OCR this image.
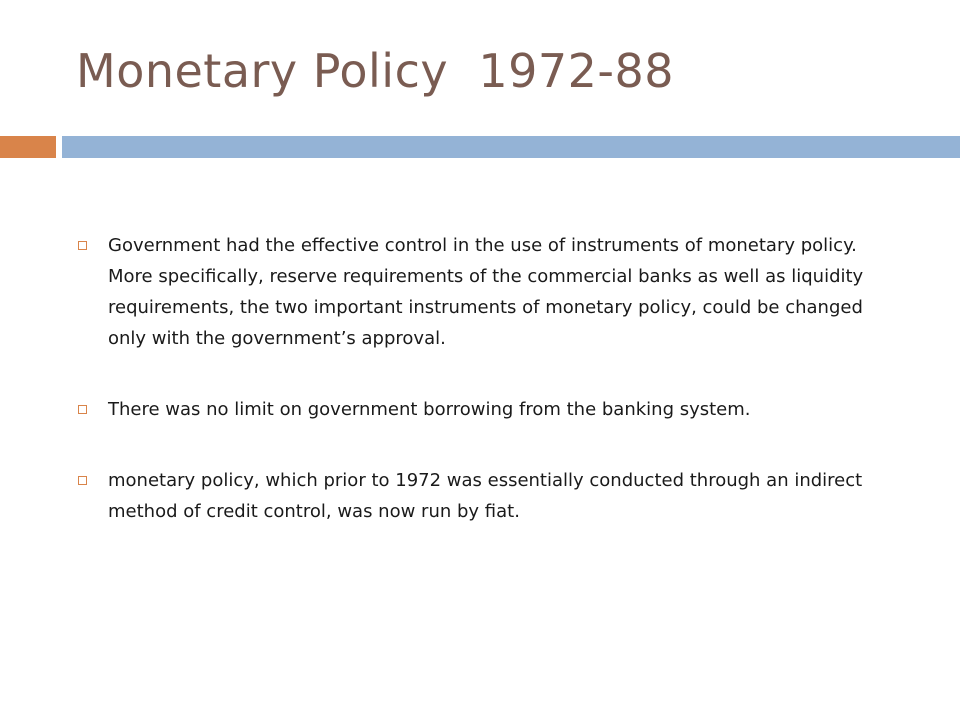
Monetary Policy  1972-88
Government had the effective control in the use of instruments of monetary policy. More specifically, reserve requirements of the commercial banks as well as liquidity requirements, the two important instruments of monetary policy, could be changed only with the government’s approval.
There was no limit on government borrowing from the banking system.
monetary policy, which prior to 1972 was essentially conducted through an indirect method of credit control, was now run by fiat.
